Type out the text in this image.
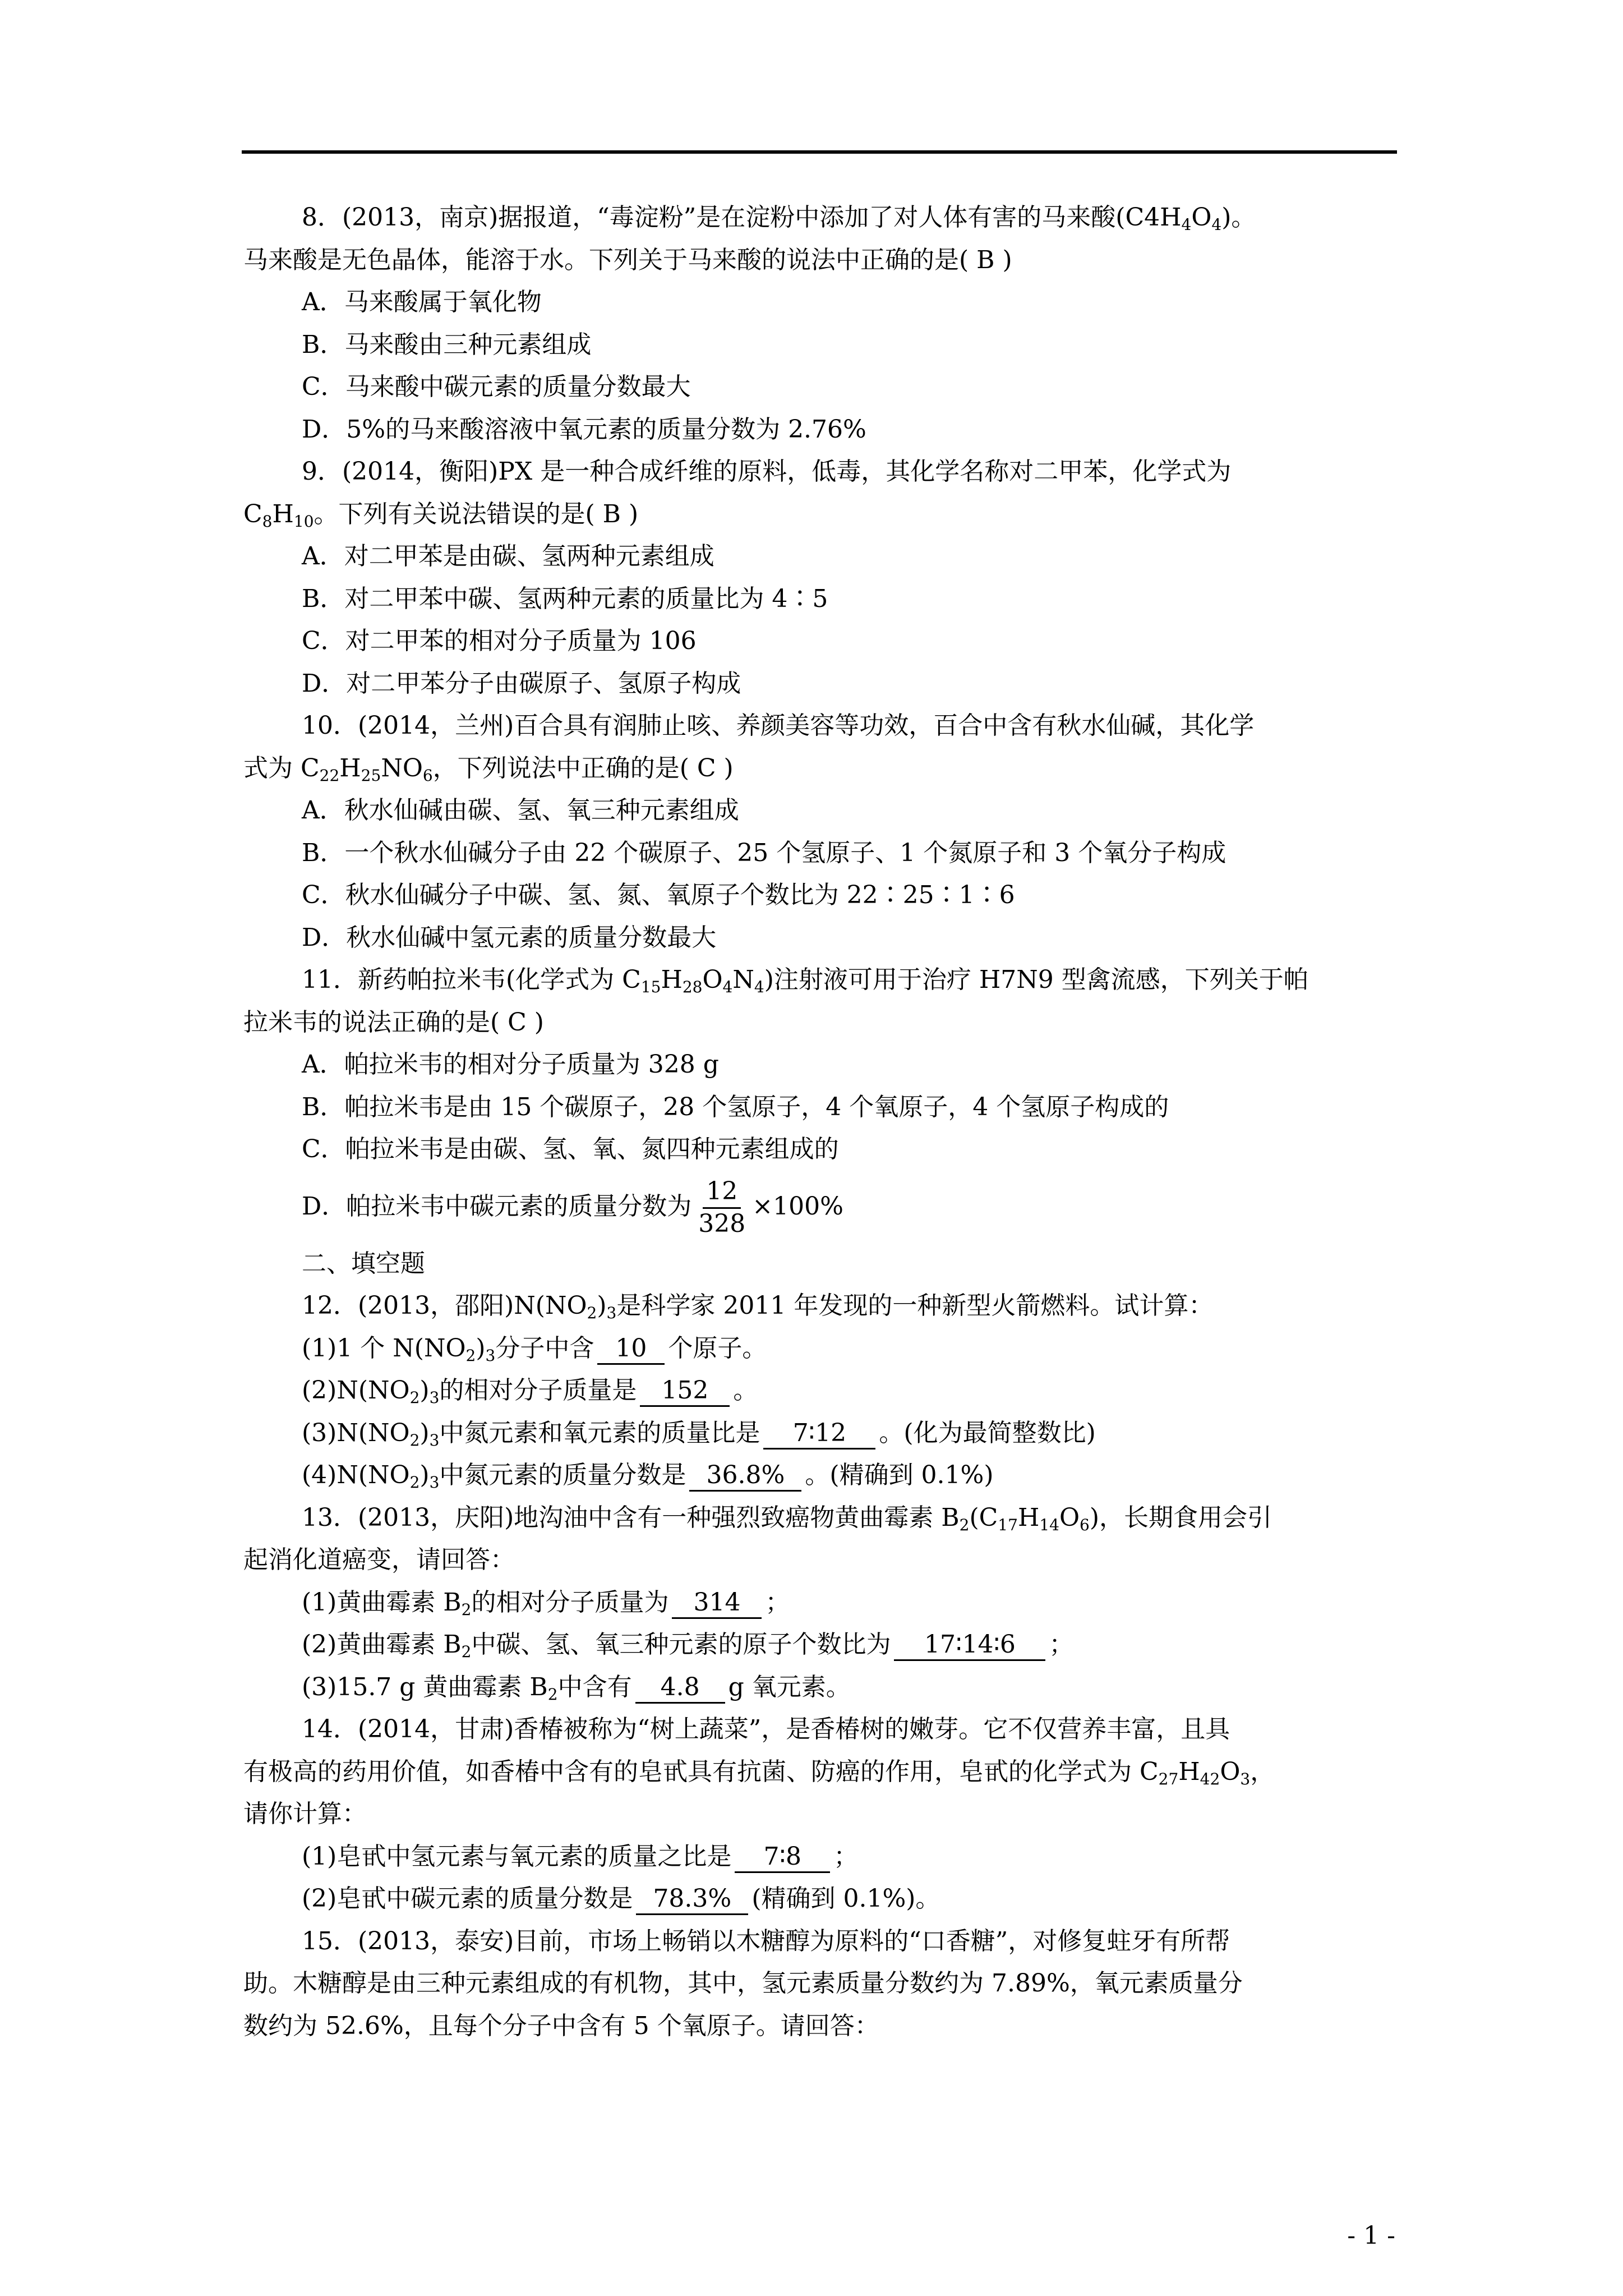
8．(2013，南京)据报道，“毒淀粉”是在淀粉中添加了对人体有害的马来酸$(C4H_4O_4)$。
马来酸是无色晶体，能溶于水。下列关于马来酸的说法中正确的是( B )
A．马来酸属于氧化物
B．马来酸由三种元素组成
C．马来酸中碳元素的质量分数最大
D．5%的马来酸溶液中氧元素的质量分数为 2.76%
9．(2014，衡阳)PX 是一种合成纤维的原料，低毒，其化学名称对二甲苯，化学式为
$C_8H_{10}$。下列有关说法错误的是( B )
A．对二甲苯是由碳、氢两种元素组成
B．对二甲苯中碳、氢两种元素的质量比为 4∶5
C．对二甲苯的相对分子质量为 106
D．对二甲苯分子由碳原子、氢原子构成
10．(2014，兰州)百合具有润肺止咳、养颜美容等功效，百合中含有秋水仙碱，其化学
式为 $C_{22}H_{25}NO_6$，下列说法中正确的是( C )
A．秋水仙碱由碳、氢、氧三种元素组成
B．一个秋水仙碱分子由 22 个碳原子、25 个氢原子、1 个氮原子和 3 个氧分子构成
C．秋水仙碱分子中碳、氢、氮、氧原子个数比为 22∶25∶1∶6
D．秋水仙碱中氢元素的质量分数最大
11．新药帕拉米韦(化学式为 $C_{15}H_{28}O_4N_4$)注射液可用于治疗 H7N9 型禽流感，下列关于帕
拉米韦的说法正确的是( C )
A．帕拉米韦的相对分子质量为 328 g
B．帕拉米韦是由 15 个碳原子，28 个氢原子，4 个氧原子，4 个氢原子构成的
C．帕拉米韦是由碳、氢、氧、氮四种元素组成的
D．帕拉米韦中碳元素的质量分数为 $\frac{12}{328} \times 100\%$
二、填空题
12．(2013，邵阳)$N(NO_2)_3$是科学家 2011 年发现的一种新型火箭燃料。试计算：
(1)1 个 $N(NO_2)_3$分子中含 10 个原子。
$(2)N(NO_2)_3$的相对分子质量是 152 。
$(3)N(NO_2)_3$中氮元素和氧元素的质量比是 7∶12 。(化为最简整数比)
$(4)N(NO_2)_3$中氮元素的质量分数是 36.8% 。(精确到 0.1%)
13．(2013，庆阳)地沟油中含有一种强烈致癌物黄曲霉素 $B_2(C_{17}H_{14}O_6)$，长期食用会引
起消化道癌变，请回答：
(1)黄曲霉素 $B_2$的相对分子质量为 314 ；
(2)黄曲霉素 $B_2$中碳、氢、氧三种元素的原子个数比为 17∶14∶6 ；
(3)15.7 g 黄曲霉素 $B_2$中含有 4.8 g 氧元素。
14．(2014，甘肃)香椿被称为“树上蔬菜”，是香椿树的嫩芽。它不仅营养丰富，且具
有极高的药用价值，如香椿中含有的皂甙具有抗菌、防癌的作用，皂甙的化学式为 $C_{27}H_{42}O_3$，
请你计算：
(1)皂甙中氢元素与氧元素的质量之比是 7∶8 ；
(2)皂甙中碳元素的质量分数是 78.3% (精确到 0.1%)。
15．(2013，泰安)目前，市场上畅销以木糖醇为原料的“口香糖”，对修复蛀牙有所帮
助。木糖醇是由三种元素组成的有机物，其中，氢元素质量分数约为 7.89%，氧元素质量分
数约为 52.6%，且每个分子中含有 5 个氧原子。请回答：
- 1 -
